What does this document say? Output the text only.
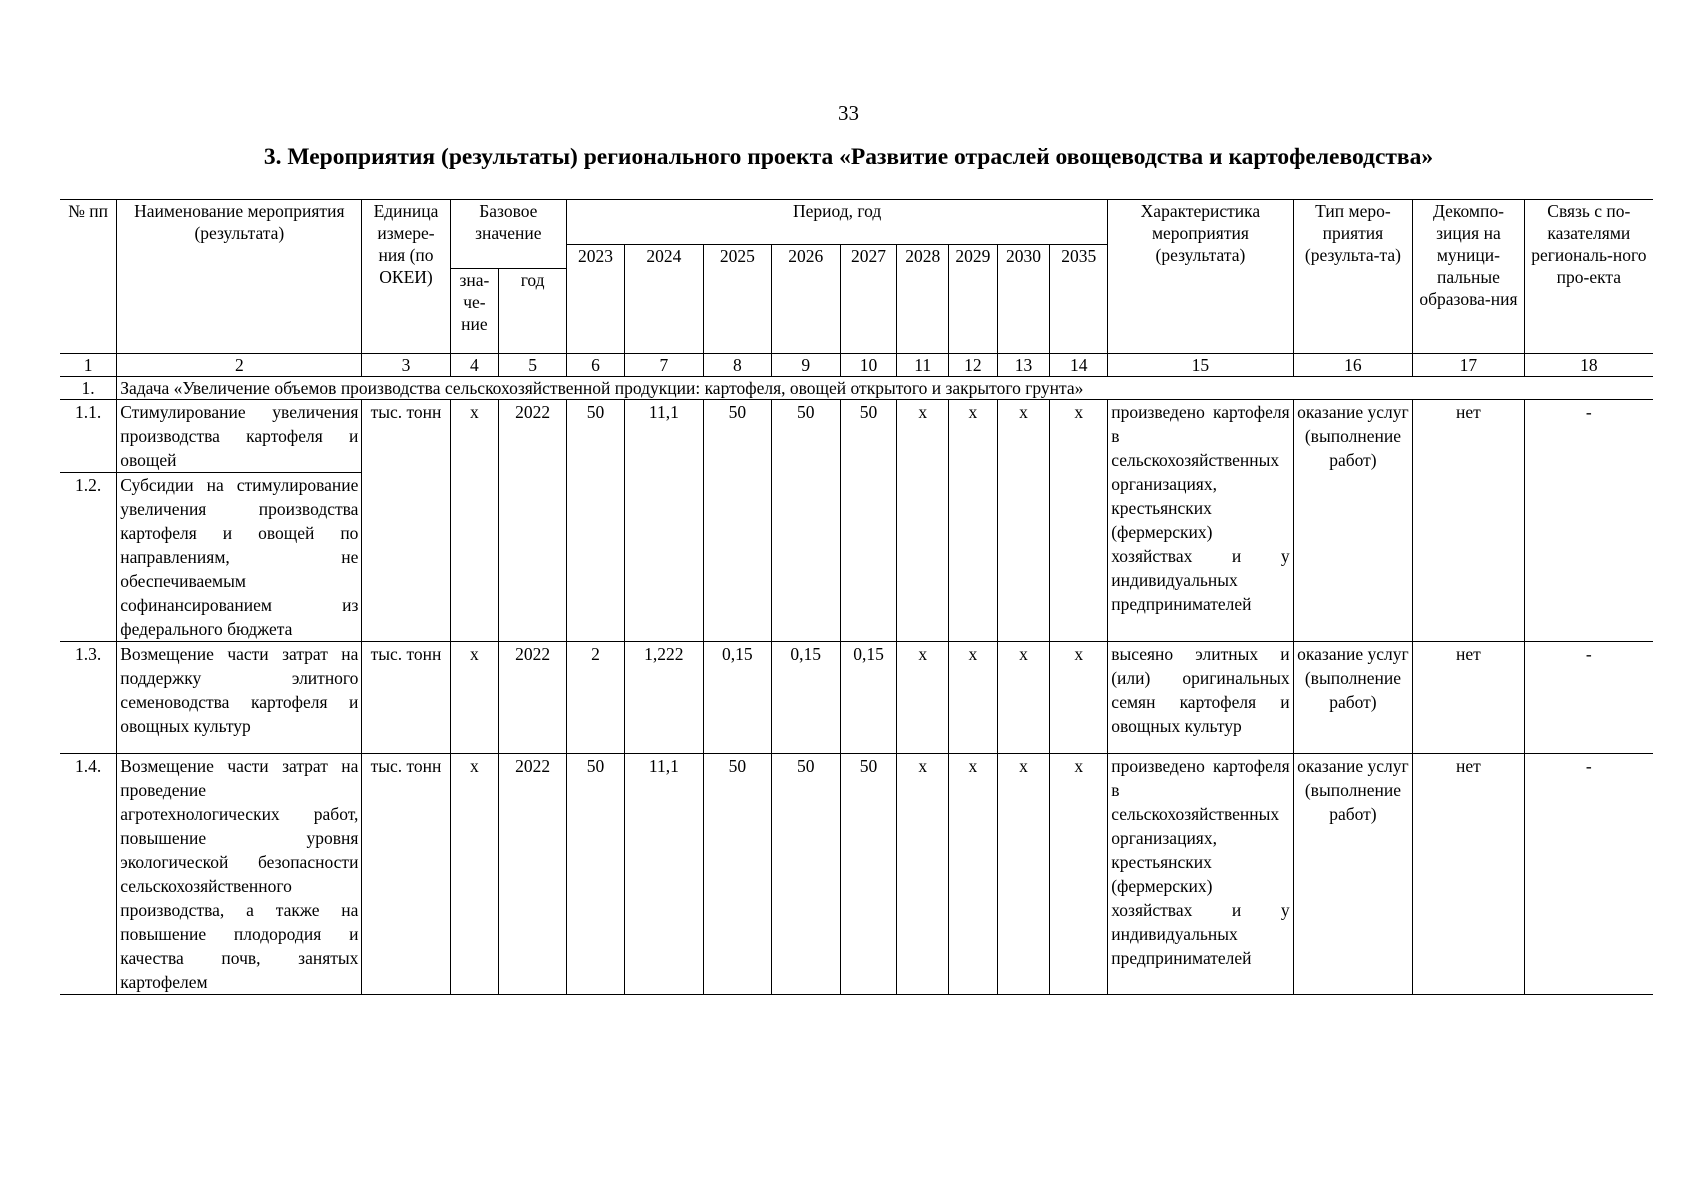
33
3. Мероприятия (результаты) регионального проекта «Развитие отраслей овощеводства и картофелеводства»
№ пп	Наименование мероприятия (результата)	Единица измере-ния (по ОКЕИ)	Базовое значение		Период, год									Характеристика мероприятия (результата)	Тип меро-приятия (результа-та)	Декомпо-зиция на муници-пальные образова-ния	Связь с по-казателями региональ-ного про-екта
					2023	2024	2025	2026	2027	2028	2029	2030	2035				
			зна-че-ние	год													
1	2	3	4	5	6	7	8	9	10	11	12	13	14	15	16	17	18
1.	Задача «Увеличение объемов производства сельскохозяйственной продукции: картофеля, овощей открытого и закрытого грунта»																
1.1.	Стимулирование увеличения производства картофеля и овощей	тыс. тонн	х	2022	50	11,1	50	50	50	х	х	х	х	произведено картофеля в сельскохозяйственных организациях, крестьянских (фермерских) хозяйствах и у индивидуальных предпринимателей	оказание услуг (выполнение работ)	нет	-
1.2.	Субсидии на стимулирование увеличения производства картофеля и овощей по направлениям, не обеспечиваемым софинансированием из федерального бюджета																
1.3.	Возмещение части затрат на поддержку элитного семеноводства картофеля и овощных культур	тыс. тонн	х	2022	2	1,222	0,15	0,15	0,15	х	х	х	х	высеяно элитных и (или) оригинальных семян картофеля и овощных культур	оказание услуг (выполнение работ)	нет	-
1.4.	Возмещение части затрат на проведение агротехнологических работ, повышение уровня экологической безопасности сельскохозяйственного производства, а также на повышение плодородия и качества почв, занятых картофелем	тыс. тонн	х	2022	50	11,1	50	50	50	х	х	х	х	произведено картофеля в сельскохозяйственных организациях, крестьянских (фермерских) хозяйствах и у индивидуальных предпринимателей	оказание услуг (выполнение работ)	нет	-
